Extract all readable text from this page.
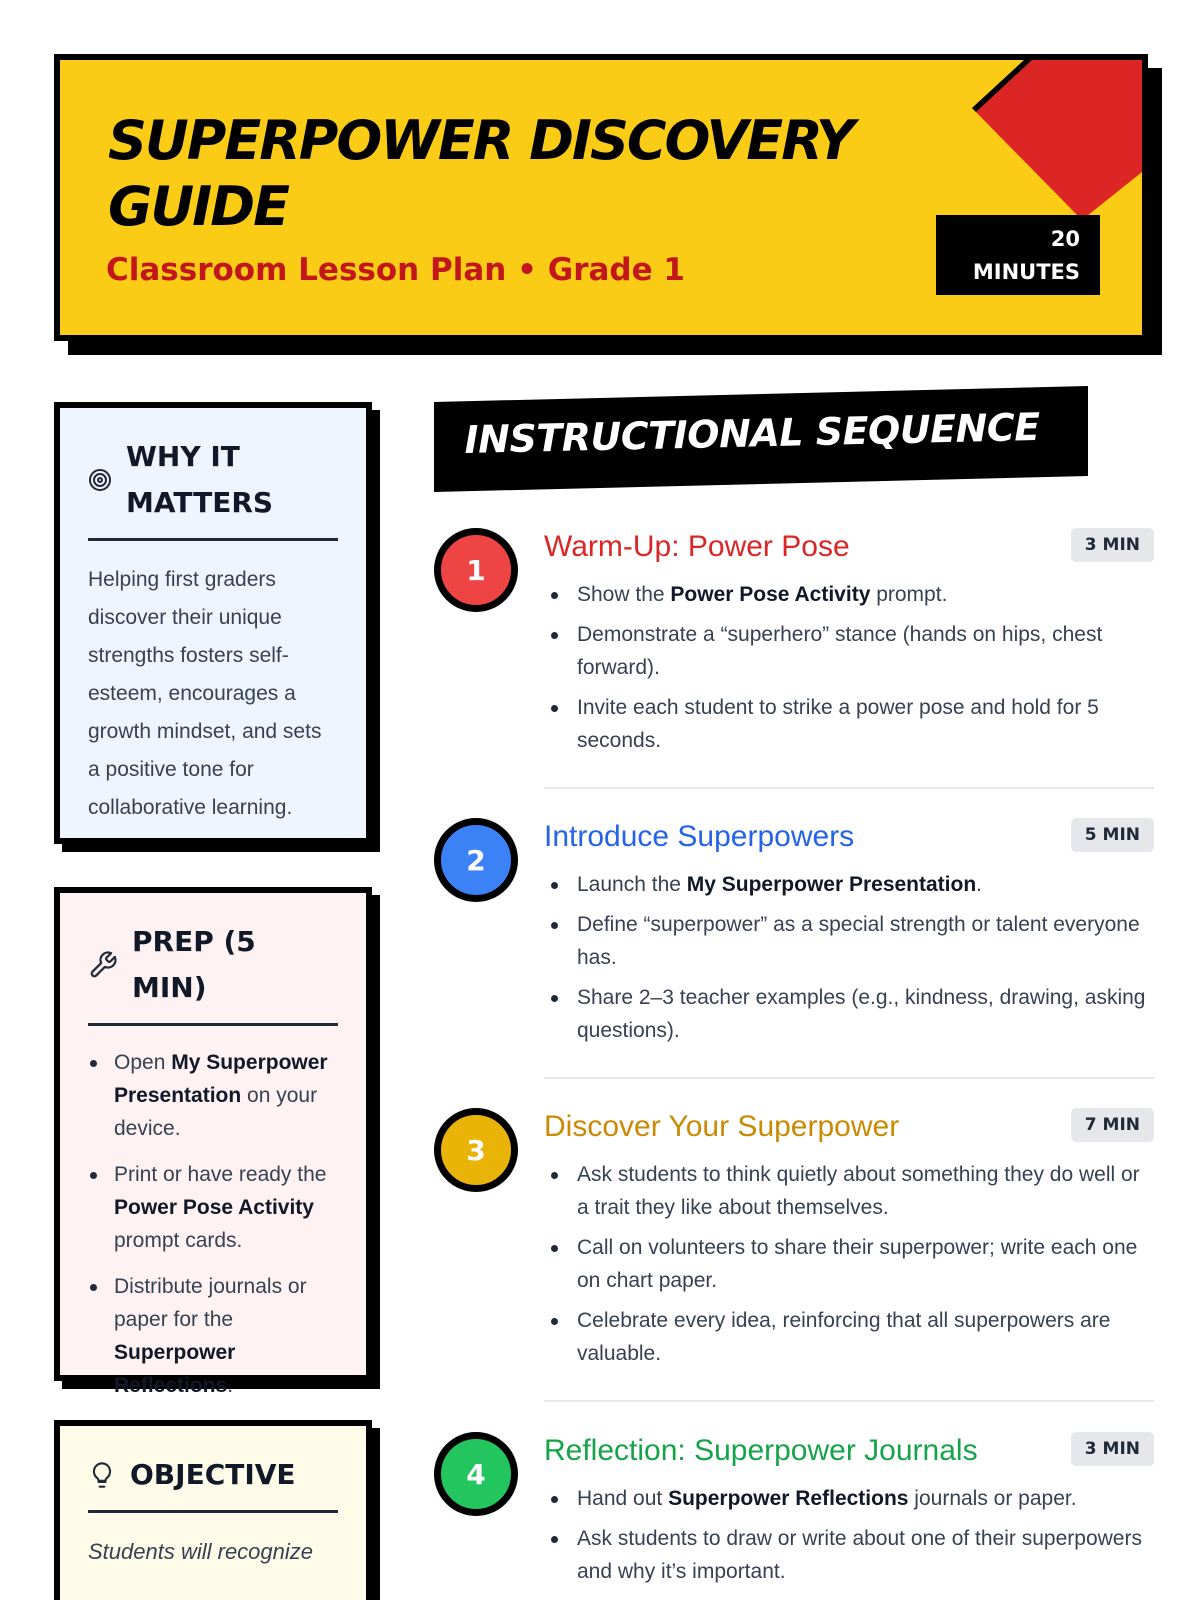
SUPERPOWER DISCOVERY GUIDE
Classroom Lesson Plan • Grade 1
20
MINUTES
WHY IT
MATTERS
Helping first graders discover their unique strengths fosters self-esteem, encourages a growth mindset, and sets a positive tone for collaborative learning.
PREP (5 MIN)
Open My Superpower Presentation on your device.
Print or have ready the Power Pose Activity prompt cards.
Distribute journals or paper for the Superpower Reflections.
OBJECTIVE
Students will recognize
INSTRUCTIONAL SEQUENCE
1
Warm-Up: Power Pose	3 MIN
Show the Power Pose Activity prompt.
Demonstrate a “superhero” stance (hands on hips, chest forward).
Invite each student to strike a power pose and hold for 5 seconds.
2
Introduce Superpowers	5 MIN
Launch the My Superpower Presentation.
Define “superpower” as a special strength or talent everyone has.
Share 2–3 teacher examples (e.g., kindness, drawing, asking questions).
3
Discover Your Superpower	7 MIN
Ask students to think quietly about something they do well or a trait they like about themselves.
Call on volunteers to share their superpower; write each one on chart paper.
Celebrate every idea, reinforcing that all superpowers are valuable.
4
Reflection: Superpower Journals	3 MIN
Hand out Superpower Reflections journals or paper.
Ask students to draw or write about one of their superpowers and why it’s important.
